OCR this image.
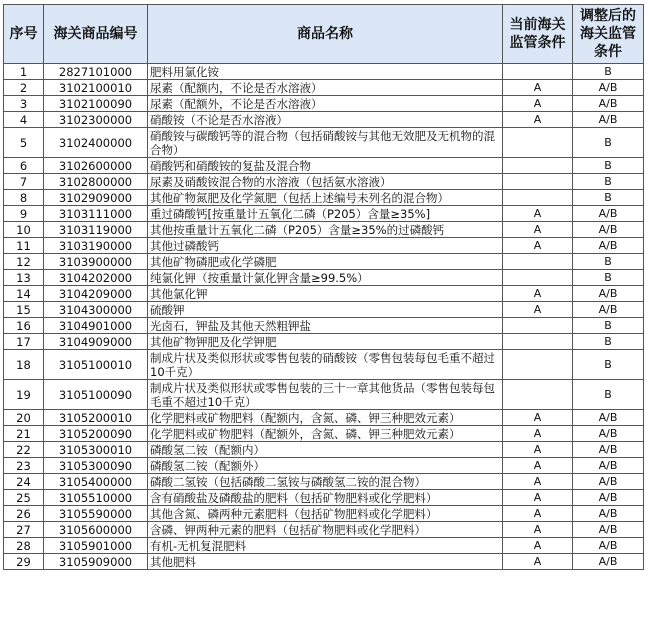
序号	海关商品编号	商品名称	当前海关监管条件	调整后的海关监管条件
1	2827101000	肥料用氯化铵		B
2	3102100010	尿素（配额内，不论是否水溶液）	A	A/B
3	3102100090	尿素（配额外，不论是否水溶液）	A	A/B
4	3102300000	硝酸铵（不论是否水溶液）	A	A/B
5	3102400000	硝酸铵与碳酸钙等的混合物（包括硝酸铵与其他无效肥及无机物的混合物）		B
6	3102600000	硝酸钙和硝酸铵的复盐及混合物		B
7	3102800000	尿素及硝酸铵混合物的水溶液（包括氨水溶液）		B
8	3102909000	其他矿物氮肥及化学氮肥（包括上述编号未列名的混合物）		B
9	3103111000	重过磷酸钙[按重量计五氧化二磷（P205）含量≥35%]	A	A/B
10	3103119000	其他按重量计五氧化二磷（P205）含量≥35%的过磷酸钙	A	A/B
11	3103190000	其他过磷酸钙	A	A/B
12	3103900000	其他矿物磷肥或化学磷肥		B
13	3104202000	纯氯化钾（按重量计氯化钾含量≥99.5%）		B
14	3104209000	其他氯化钾	A	A/B
15	3104300000	硫酸钾	A	A/B
16	3104901000	光卤石，钾盐及其他天然粗钾盐		B
17	3104909000	其他矿物钾肥及化学钾肥		B
18	3105100010	制成片状及类似形状或零售包装的硝酸铵（零售包装每包毛重不超过10千克）		B
19	3105100090	制成片状及类似形状或零售包装的三十一章其他货品（零售包装每包毛重不超过10千克）		B
20	3105200010	化学肥料或矿物肥料（配额内，含氮、磷、钾三种肥效元素）	A	A/B
21	3105200090	化学肥料或矿物肥料（配额外，含氮、磷、钾三种肥效元素）	A	A/B
22	3105300010	磷酸氢二铵（配额内）	A	A/B
23	3105300090	磷酸氢二铵（配额外）	A	A/B
24	3105400000	磷酸二氢铵（包括磷酸二氢铵与磷酸氢二铵的混合物）	A	A/B
25	3105510000	含有硝酸盐及磷酸盐的肥料（包括矿物肥料或化学肥料）	A	A/B
26	3105590000	其他含氮、磷两种元素肥料（包括矿物肥料或化学肥料）	A	A/B
27	3105600000	含磷、钾两种元素的肥料（包括矿物肥料或化学肥料）	A	A/B
28	3105901000	有机-无机复混肥料	A	A/B
29	3105909000	其他肥料	A	A/B
